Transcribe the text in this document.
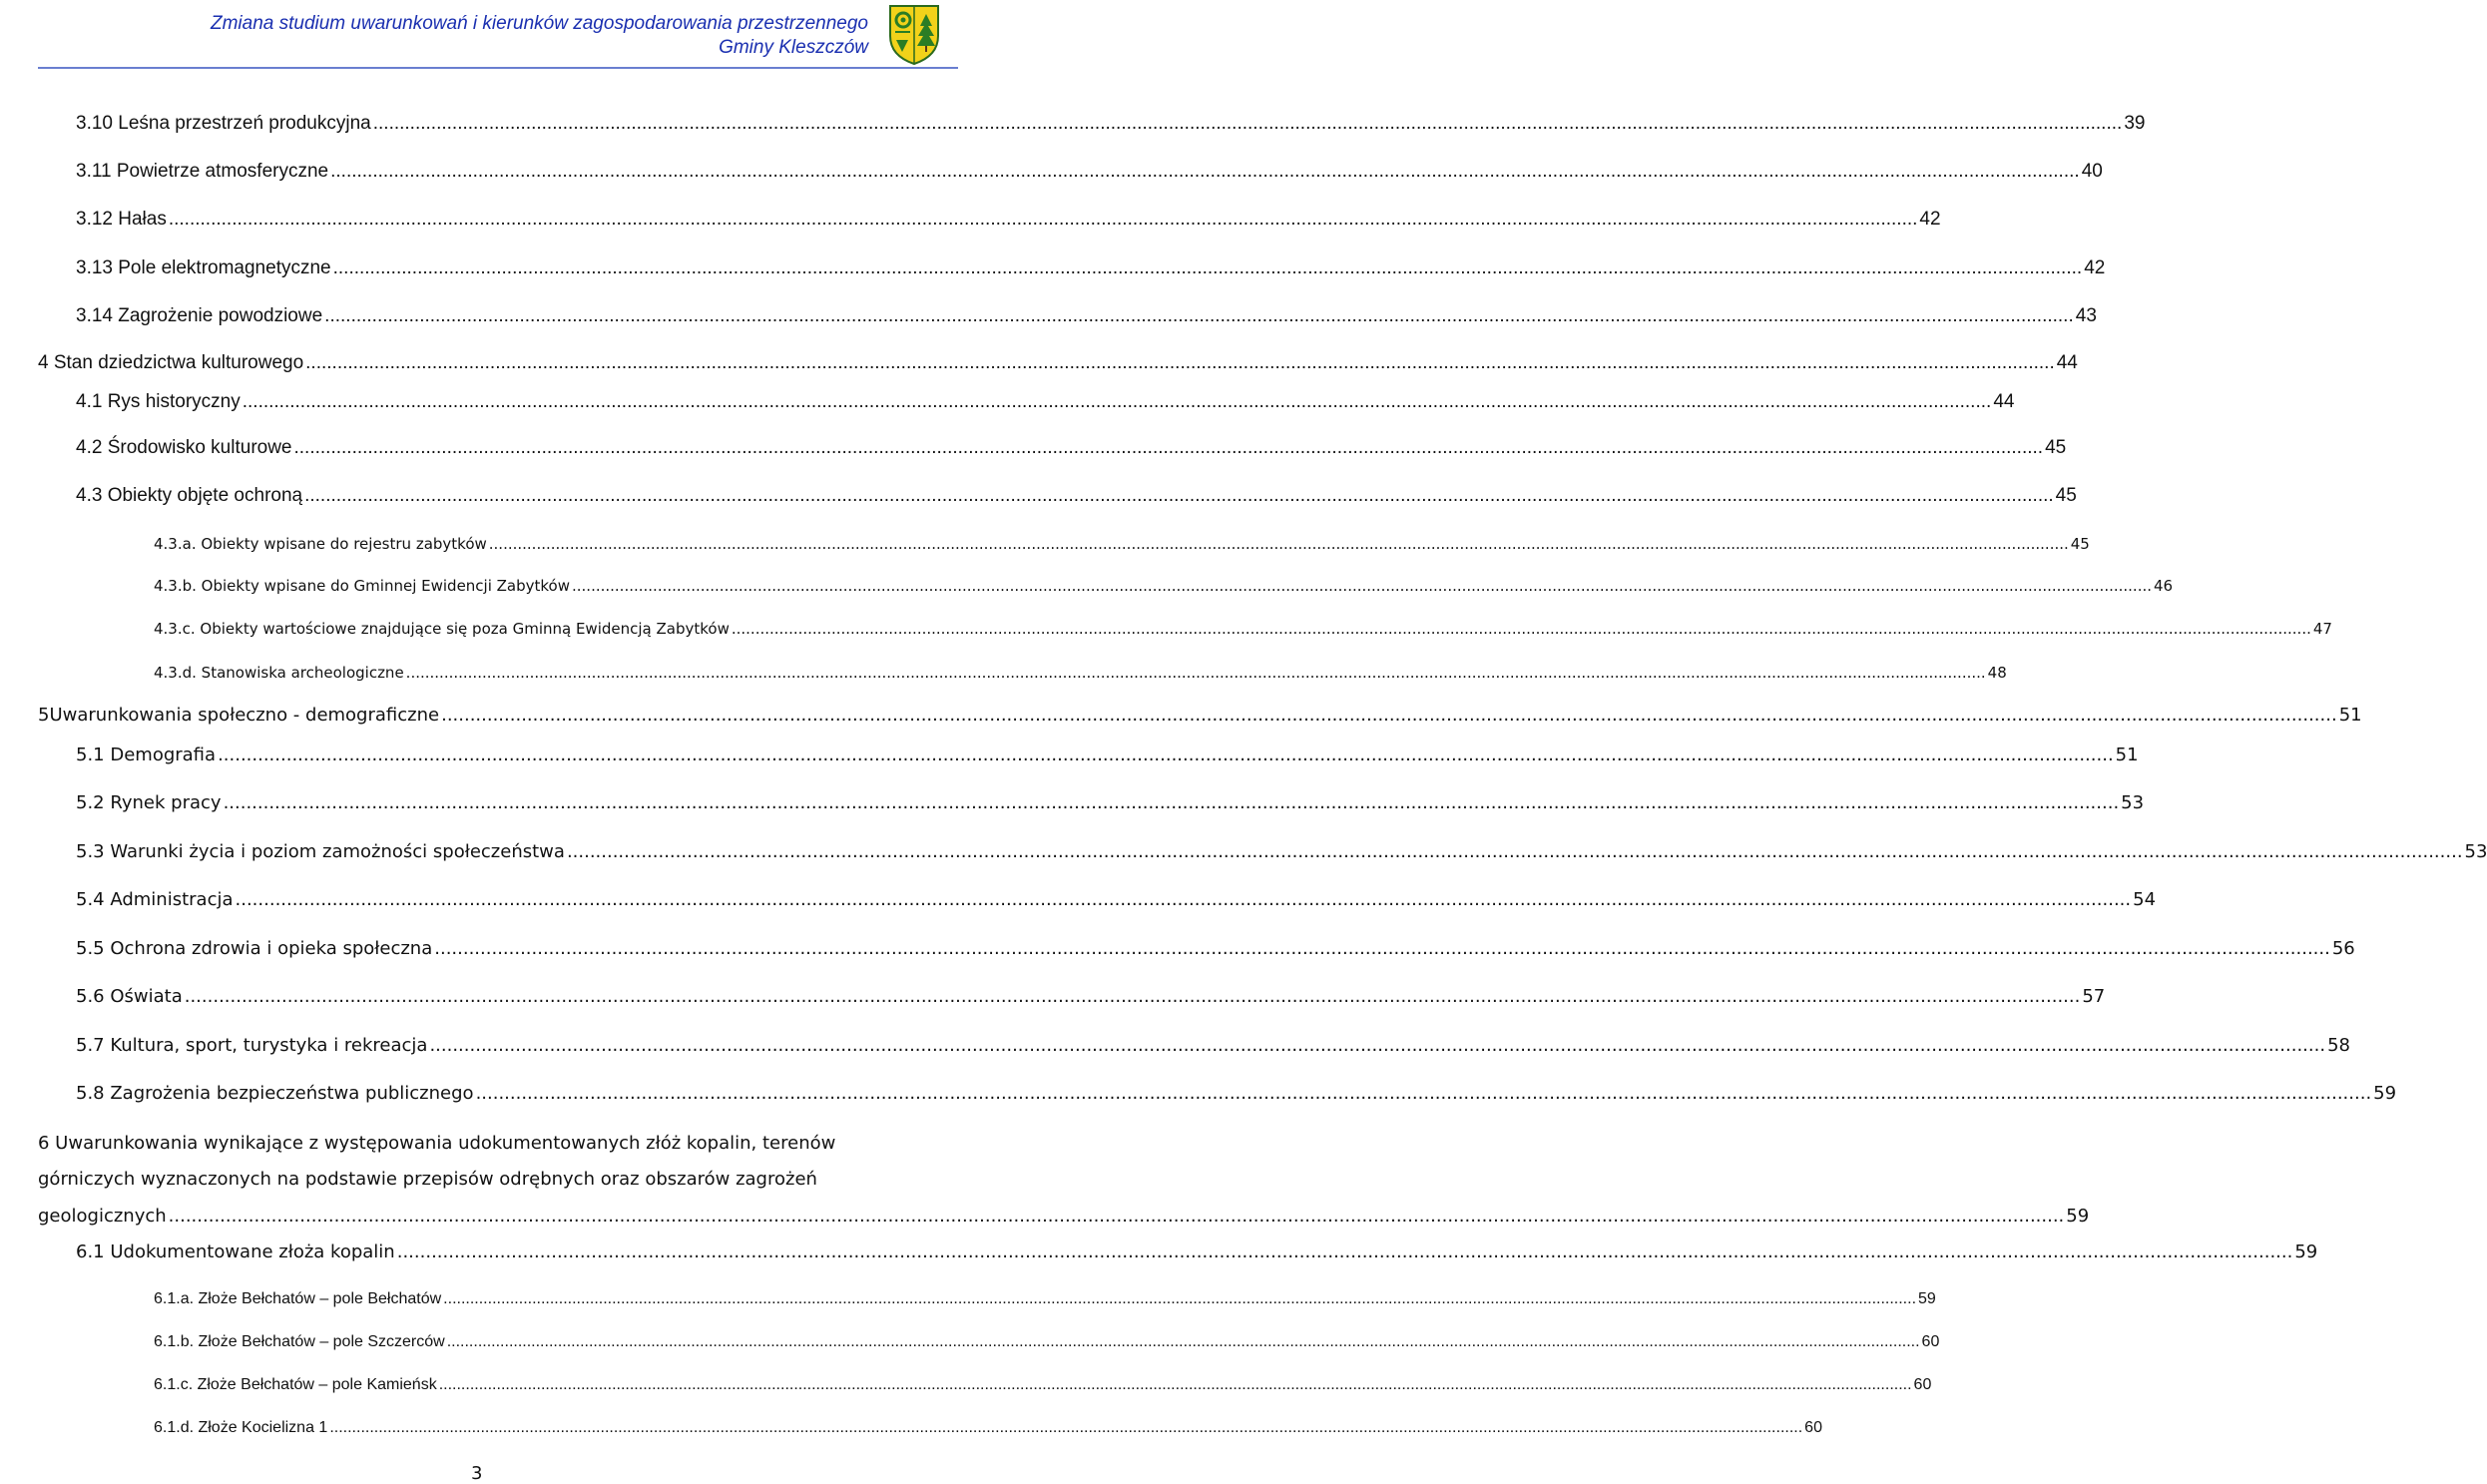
Zmiana studium uwarunkowań i kierunków zagospodarowania przestrzennego
Gminy Kleszczów
3.10 Leśna przestrzeń produkcyjna .....	39
3.11 Powietrze atmosferyczne .....	40
3.12 Hałas .....	42
3.13 Pole elektromagnetyczne .....	42
3.14 Zagrożenie powodziowe .....	43
4 Stan dziedzictwa kulturowego .....	44
4.1 Rys historyczny .....	44
4.2 Środowisko kulturowe .....	45
4.3 Obiekty objęte ochroną .....	45
4.3.a. Obiekty wpisane do rejestru zabytków .....	45
4.3.b. Obiekty wpisane do Gminnej Ewidencji Zabytków .....	46
4.3.c. Obiekty wartościowe znajdujące się poza Gminną Ewidencją Zabytków .....	47
4.3.d. Stanowiska archeologiczne .....	48
5Uwarunkowania społeczno - demograficzne .....	51
5.1 Demografia .....	51
5.2 Rynek pracy .....	53
5.3 Warunki życia i poziom zamożności społeczeństwa .....	53
5.4 Administracja .....	54
5.5 Ochrona zdrowia i opieka społeczna .....	56
5.6 Oświata .....	57
5.7 Kultura, sport, turystyka i rekreacja .....	58
5.8 Zagrożenia bezpieczeństwa publicznego .....	59
6 Uwarunkowania wynikające z występowania udokumentowanych złóż kopalin, terenów
górniczych wyznaczonych na podstawie przepisów odrębnych oraz obszarów zagrożeń
geologicznych .....	59
6.1 Udokumentowane złoża kopalin .....	59
6.1.a. Złoże Bełchatów – pole Bełchatów .....	59
6.1.b. Złoże Bełchatów – pole Szczerców .....	60
6.1.c. Złoże Bełchatów – pole Kamieńsk .....	60
6.1.d. Złoże Kocielizna 1 .....	60
3
